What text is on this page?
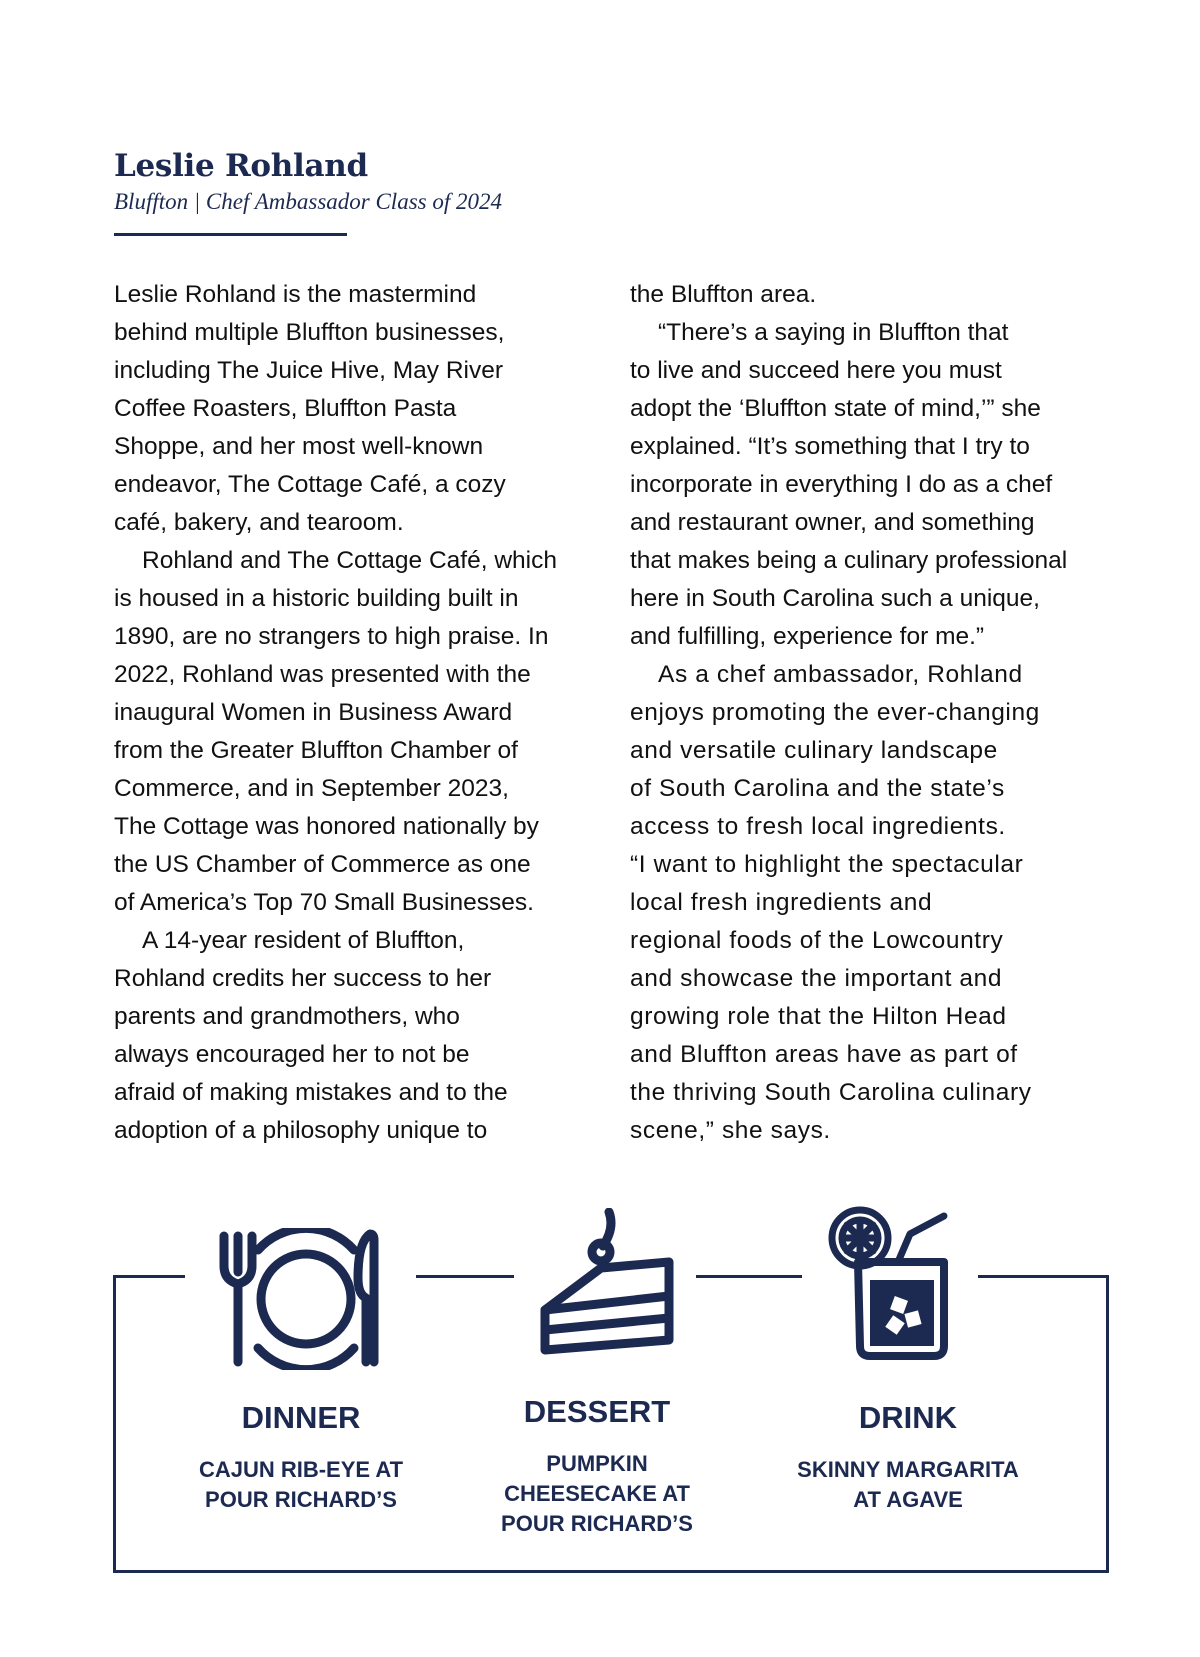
Leslie Rohland

Bluffton | Chef Ambassador Class of 2024

Leslie Rohland is the mastermind
behind multiple Bluffton businesses,
including The Juice Hive, May River
Coffee Roasters, Bluffton Pasta
Shoppe, and her most well-known
endeavor, The Cottage Café, a cozy
café, bakery, and tearoom.

Rohland and The Cottage Café, which
is housed in a historic building built in
1890, are no strangers to high praise. In
2022, Rohland was presented with the
inaugural Women in Business Award
from the Greater Bluffton Chamber of
Commerce, and in September 2023,
The Cottage was honored nationally by
the US Chamber of Commerce as one
of America’s Top 70 Small Businesses.

A 14-year resident of Bluffton,
Rohland credits her success to her
parents and grandmothers, who
always encouraged her to not be
afraid of making mistakes and to the
adoption of a philosophy unique to

the Bluffton area.

“There’s a saying in Bluffton that
to live and succeed here you must
adopt the ‘Bluffton state of mind,’” she
explained. “It’s something that I try to
incorporate in everything I do as a chef
and restaurant owner, and something
that makes being a culinary professional
here in South Carolina such a unique,
and fulfilling, experience for me.”

As a chef ambassador, Rohland
enjoys promoting the ever-changing
and versatile culinary landscape
of South Carolina and the state’s
access to fresh local ingredients.
“I want to highlight the spectacular
local fresh ingredients and
regional foods of the Lowcountry
and showcase the important and
growing role that the Hilton Head
and Bluffton areas have as part of
the thriving South Carolina culinary
scene,” she says.

DINNER

CAJUN RIB-EYE AT
POUR RICHARD’S

DESSERT

PUMPKIN
CHEESECAKE AT
POUR RICHARD’S

DRINK

SKINNY MARGARITA
AT AGAVE
